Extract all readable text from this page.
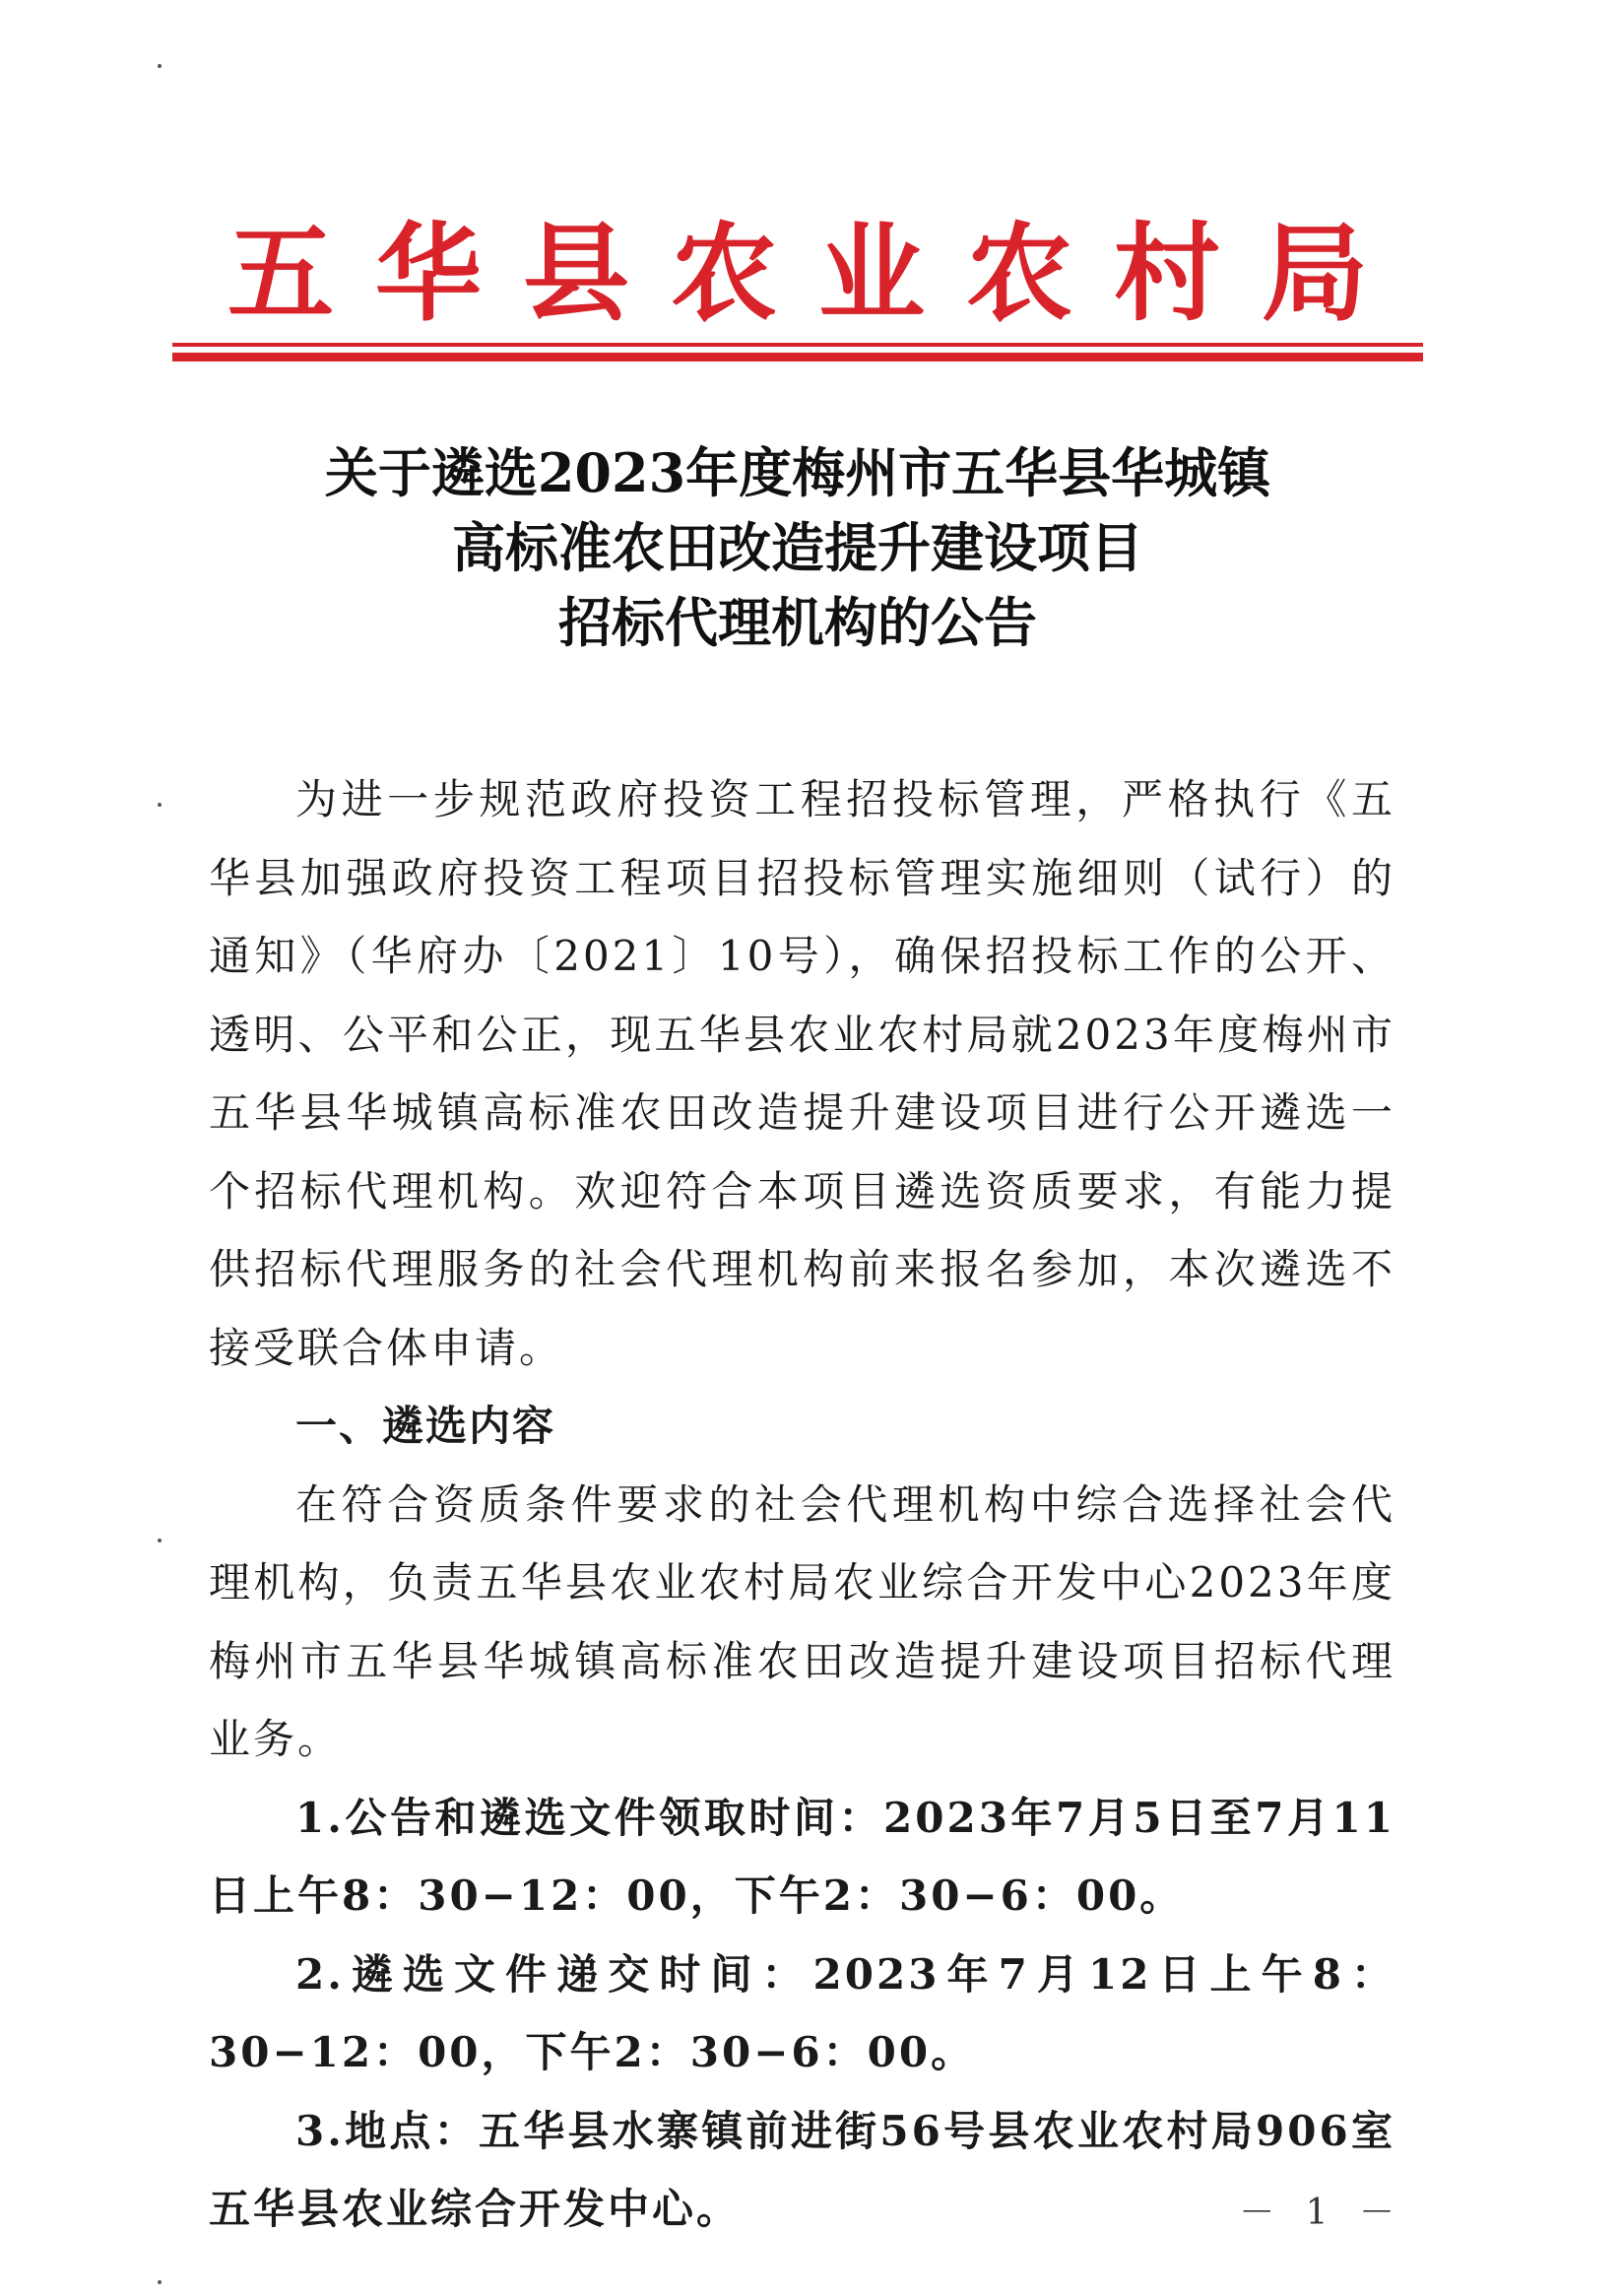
五华县农业农村局
关于遴选2023年度梅州市五华县华城镇
高标准农田改造提升建设项目
招标代理机构的公告

为进一步规范政府投资工程招投标管理，严格执行《五华县加强政府投资工程项目招投标管理实施细则（试行）的通知》（华府办〔2021〕10号），确保招投标工作的公开、透明、公平和公正，现五华县农业农村局就2023年度梅州市五华县华城镇高标准农田改造提升建设项目进行公开遴选一个招标代理机构。欢迎符合本项目遴选资质要求，有能力提供招标代理服务的社会代理机构前来报名参加，本次遴选不接受联合体申请。

一、遴选内容

在符合资质条件要求的社会代理机构中综合选择社会代理机构，负责五华县农业农村局农业综合开发中心2023年度梅州市五华县华城镇高标准农田改造提升建设项目招标代理业务。

1.公告和遴选文件领取时间：2023年7月5日至7月11日上午8：30−12：00，下午2：30−6：00。

2.遴选文件递交时间：2023年7月12日上午8：30−12：00，下午2：30−6：00。

3.地点：五华县水寨镇前进街56号县农业农村局906室五华县农业综合开发中心。	－ 1 －
